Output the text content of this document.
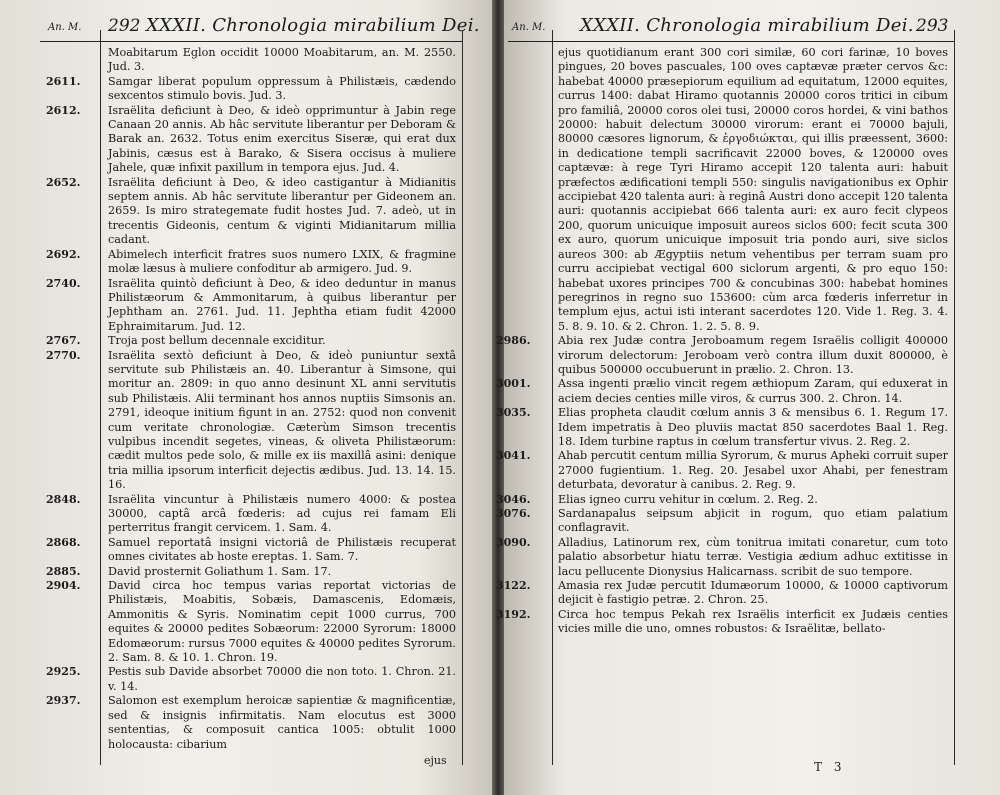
An. M. 292 XXXII. Chronologia mirabilium Dei.

Moabitarum Eglon occidit 10000 Moabitarum, an. M. 2550. Jud. 3.

2611.	Samgar liberat populum oppressum à Philistæis, cædendo sexcentos stimulo bovis. Jud. 3.

2612.	Israëlita deficiunt à Deo, & ideò opprimuntur à Jabin rege Canaan 20 annis. Ab hâc servitute liberantur per Deboram & Barak an. 2632. Totus enim exercitus Siseræ, qui erat dux Jabinis, cæsus est à Barako, & Sisera occisus à muliere Jahele, quæ infixit paxillum in tempora ejus. Jud. 4.

2652.	Israëlita deficiunt à Deo, & ideo castigantur à Midianitis septem annis. Ab hâc servitute liberantur per Gideonem an. 2659. Is miro strategemate fudit hostes Jud. 7. adeò, ut in trecentis Gideonis, centum & viginti Midianitarum millia cadant.

2692.	Abimelech interficit fratres suos numero LXIX, & fragmine molæ læsus à muliere confoditur ab armigero. Jud. 9.

2740.	Israëlita quintò deficiunt à Deo, & ideo deduntur in manus Philistæorum & Ammonitarum, à quibus liberantur per Jephtham an. 2761. Jud. 11. Jephtha etiam fudit 42000 Ephraimitarum. Jud. 12.

2767.	Troja post bellum decennale exciditur.

2770.	Israëlita sextò deficiunt à Deo, & ideò puniuntur sextâ servitute sub Philistæis an. 40. Liberantur à Simsone, qui moritur an. 2809: in quo anno desinunt XL anni servitutis sub Philistæis. Alii terminant hos annos nuptiis Simsonis an. 2791, ideoque initium figunt in an. 2752: quod non convenit cum veritate chronologiæ. Cæterùm Simson trecentis vulpibus incendit segetes, vineas, & oliveta Philistæorum: cædit multos pede solo, & mille ex iis maxillâ asini: denique tria millia ipsorum interficit dejectis ædibus. Jud. 13. 14. 15. 16.

2848.	Israëlita vincuntur à Philistæis numero 4000: & postea 30000, captâ arcâ fœderis: ad cujus rei famam Eli perterritus frangit cervicem. 1. Sam. 4.

2868.	Samuel reportatâ insigni victoriâ de Philistæis recuperat omnes civitates ab hoste ereptas. 1. Sam. 7.

2885.	David prosternit Goliathum 1. Sam. 17.

2904.	David circa hoc tempus varias reportat victorias de Philistæis, Moabitis, Sobæis, Damascenis, Edomæis, Ammonitis & Syris. Nominatim cepit 1000 currus, 700 equites & 20000 pedites Sobæorum: 22000 Syrorum: 18000 Edomæorum: rursus 7000 equites & 40000 pedites Syrorum. 2. Sam. 8. & 10. 1. Chron. 19.

2925.	Pestis sub Davide absorbet 70000 die non toto. 1. Chron. 21. v. 14.

2937.	Salomon est exemplum heroicæ sapientiæ & magnificentiæ, sed & insignis infirmitatis. Nam elocutus est 3000 sententias, & composuit cantica 1005: obtulit 1000 holocausta: cibarium

ejus
An. M. XXXII. Chronologia mirabilium Dei. 293

ejus quotidianum erant 300 cori similæ, 60 cori farinæ, 10 boves pingues, 20 boves pascuales, 100 oves captævæ præter cervos &c: habebat 40000 præsepiorum equilium ad equitatum, 12000 equites, currus 1400: dabat Hiramo quotannis 20000 coros tritici in cibum pro familiâ, 20000 coros olei tusi, 20000 coros hordei, & vini bathos 20000: habuit delectum 30000 virorum: erant ei 70000 bajuli, 80000 cæsores lignorum, & ἐργοδιώκται, qui illis præessent, 3600: in dedicatione templi sacrificavit 22000 boves, & 120000 oves captævæ: à rege Tyri Hiramo accepit 120 talenta auri: habuit præfectos ædificationi templi 550: singulis navigationibus ex Ophir accipiebat 420 talenta auri: à reginâ Austri dono accepit 120 talenta auri: quotannis accipiebat 666 talenta auri: ex auro fecit clypeos 200, quorum unicuique imposuit aureos siclos 600: fecit scuta 300 ex auro, quorum unicuique imposuit tria pondo auri, sive siclos aureos 300: ab Ægyptiis netum vehentibus per terram suam pro curru accipiebat vectigal 600 siclorum argenti, & pro equo 150: habebat uxores principes 700 & concubinas 300: habebat homines peregrinos in regno suo 153600: cùm arca fœderis inferretur in templum ejus, actui isti interant sacerdotes 120. Vide 1. Reg. 3. 4. 5. 8. 9. 10. & 2. Chron. 1. 2. 5. 8. 9.

2986.	Abia rex Judæ contra Jeroboamum regem Israëlis colligit 400000 virorum delectorum: Jeroboam verò contra illum duxit 800000, è quibus 500000 occubuerunt in prælio. 2. Chron. 13.

3001.	Assa ingenti prælio vincit regem æthiopum Zaram, qui eduxerat in aciem decies centies mille viros, & currus 300. 2. Chron. 14.

3035.	Elias propheta claudit cœlum annis 3 & mensibus 6. 1. Regum 17. Idem impetratis à Deo pluviis mactat 850 sacerdotes Baal 1. Reg. 18. Idem turbine raptus in cœlum transfertur vivus. 2. Reg. 2.

3041.	Ahab percutit centum millia Syrorum, & murus Apheki corruit super 27000 fugientium. 1. Reg. 20. Jesabel uxor Ahabi, per fenestram deturbata, devoratur à canibus. 2. Reg. 9.

3046.	Elias igneo curru vehitur in cœlum. 2. Reg. 2.

3076.	Sardanapalus seipsum abjicit in rogum, quo etiam palatium conflagravit.

3090.	Alladius, Latinorum rex, cùm tonitrua imitati conaretur, cum toto palatio absorbetur hiatu terræ. Vestigia ædium adhuc extitisse in lacu pellucente Dionysius Halicarnass. scribit de suo tempore.

3122.	Amasia rex Judæ percutit Idumæorum 10000, & 10000 captivorum dejicit è fastigio petræ. 2. Chron. 25.

3192.	Circa hoc tempus Pekah rex Israëlis interficit ex Judæis centies vicies mille die uno, omnes robustos: & Israëlitæ, bellato-

T 3
